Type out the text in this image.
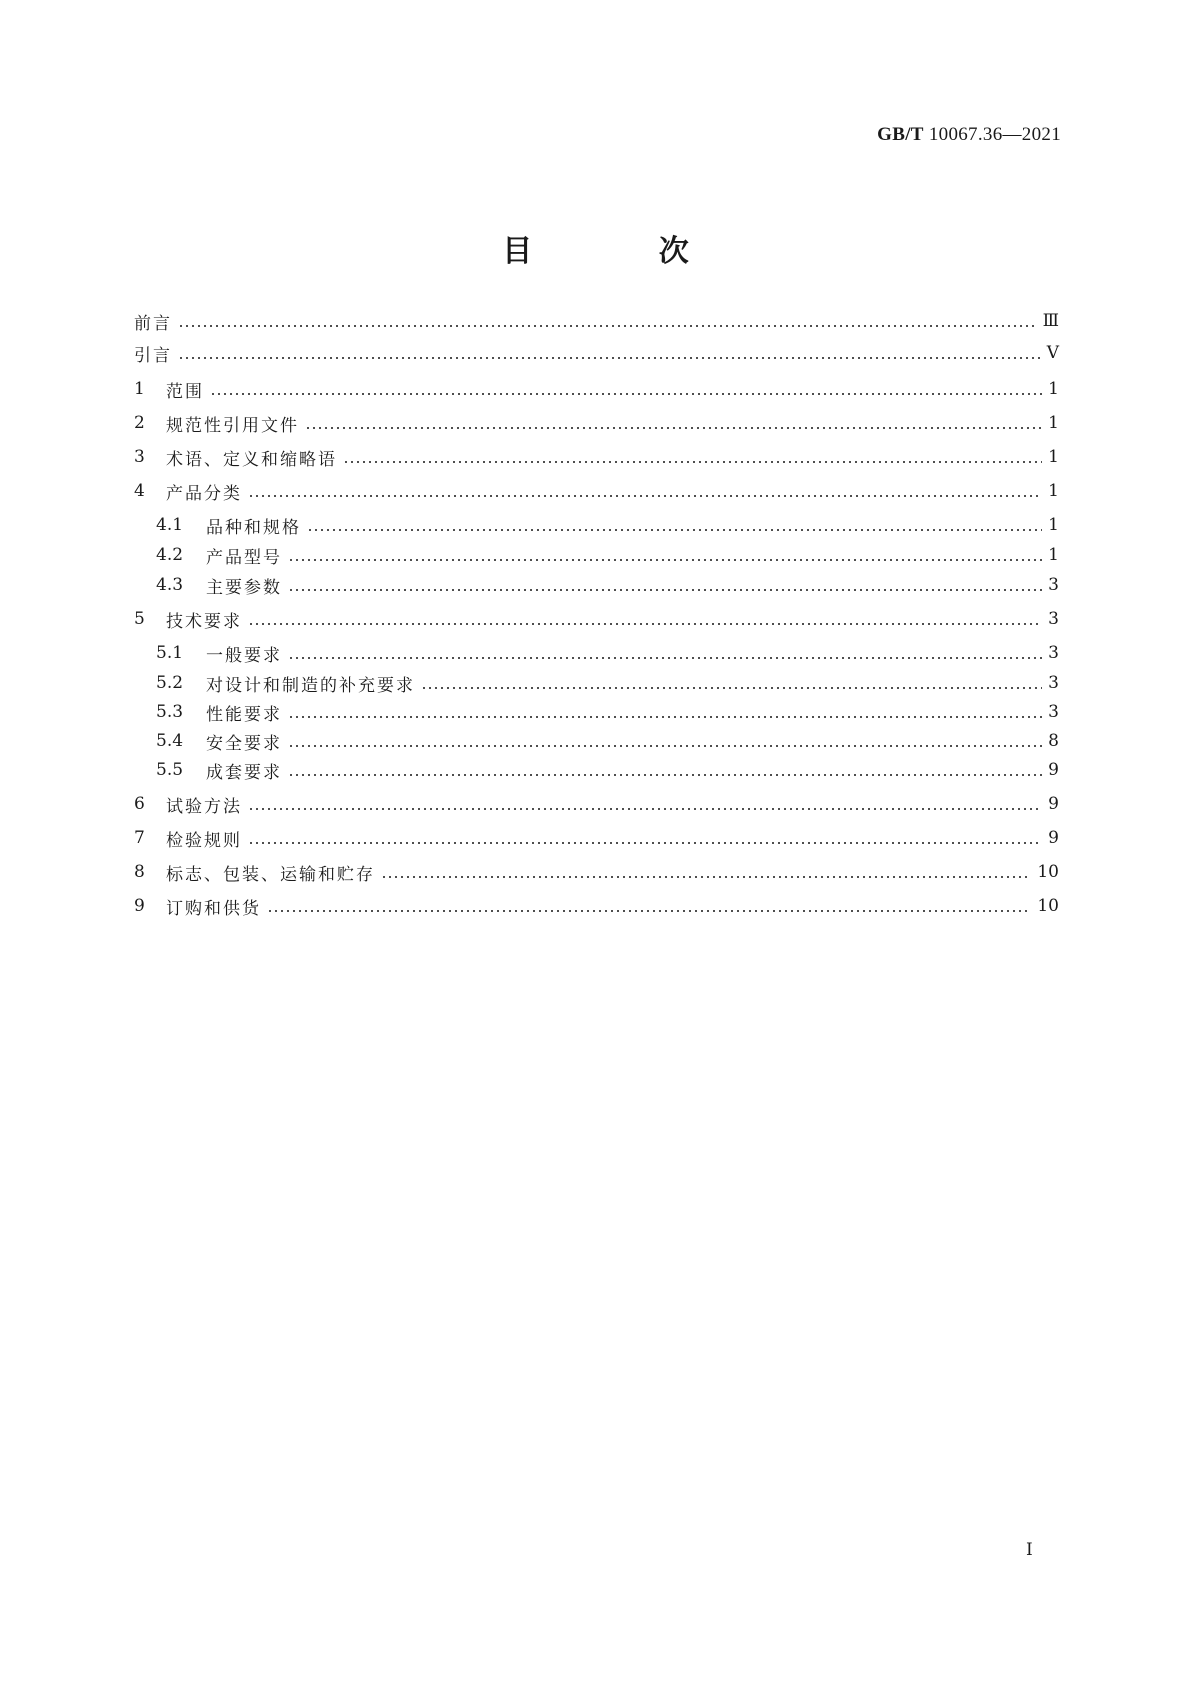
GB/T 10067.36—2021
目 次
前言	Ⅲ
引言	Ⅴ
1	范围	1
2	规范性引用文件	1
3	术语、定义和缩略语	1
4	产品分类	1
4.1	品种和规格	1
4.2	产品型号	1
4.3	主要参数	3
5	技术要求	3
5.1	一般要求	3
5.2	对设计和制造的补充要求	3
5.3	性能要求	3
5.4	安全要求	8
5.5	成套要求	9
6	试验方法	9
7	检验规则	9
8	标志、包装、运输和贮存	10
9	订购和供货	10
Ⅰ
